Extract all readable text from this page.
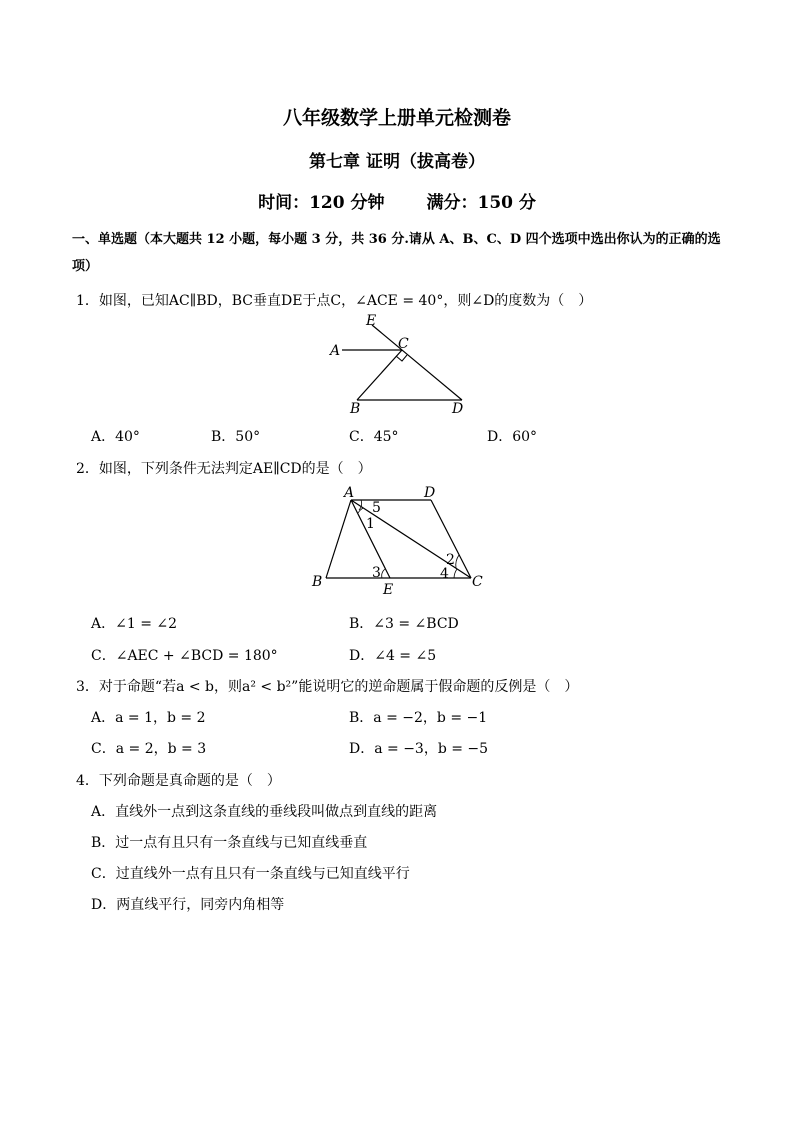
八年级数学上册单元检测卷
第七章 证明（拔高卷）
时间：120 分钟 满分：150 分
一、单选题（本大题共 12 小题，每小题 3 分，共 36 分.请从 A、B、C、D 四个选项中选出你认为的正确的选项）
1．如图，已知AC∥BD，BC垂直DE于点C，∠ACE = 40°，则∠D的度数为（　）
E
A	C
B	D
A．40°	B．50°	C．45°	D．60°
2．如图，下列条件无法判定AE∥CD的是（　）
A	D
B	E	C
5
1
2
4
3
A．∠1 = ∠2	B．∠3 = ∠BCD
C．∠AEC + ∠BCD = 180°	D．∠4 = ∠5
3．对于命题“若a < b，则a² < b²”能说明它的逆命题属于假命题的反例是（　）
A．a = 1，b = 2	B．a = −2，b = −1
C．a = 2，b = 3	D．a = −3，b = −5
4．下列命题是真命题的是（　）
A．直线外一点到这条直线的垂线段叫做点到直线的距离
B．过一点有且只有一条直线与已知直线垂直
C．过直线外一点有且只有一条直线与已知直线平行
D．两直线平行，同旁内角相等
